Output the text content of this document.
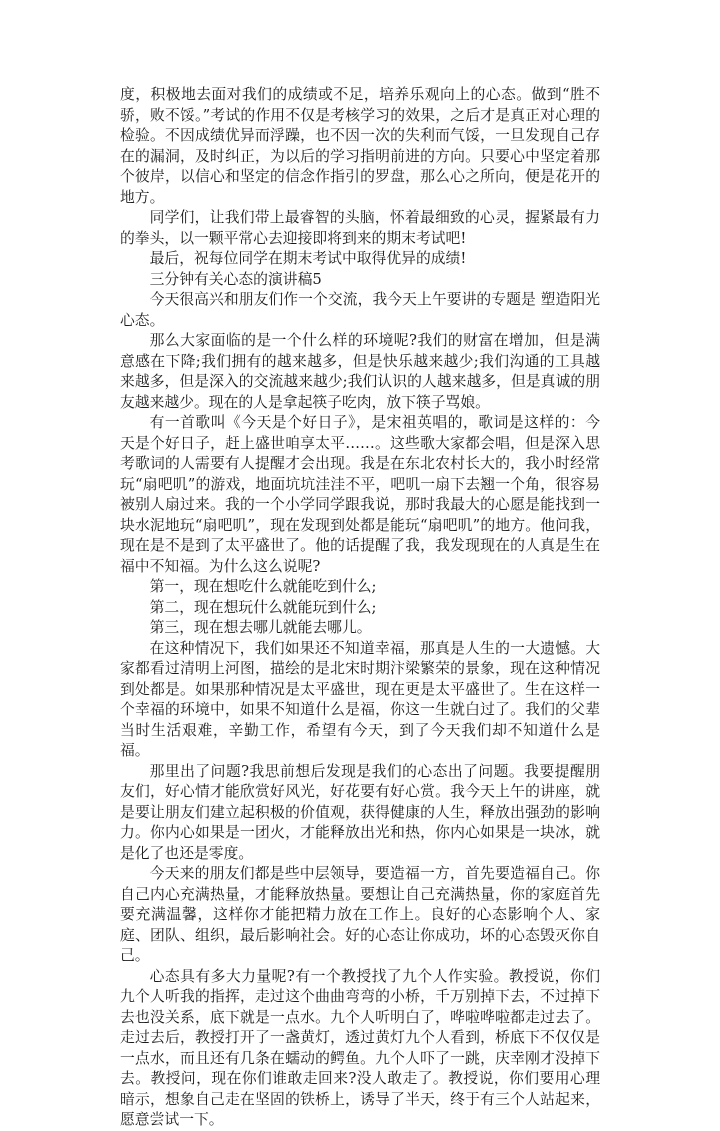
度，积极地去面对我们的成绩或不足，培养乐观向上的心态。做到“胜不骄，败不馁。”考试的作用不仅是考核学习的效果，之后才是真正对心理的检验。不因成绩优异而浮躁，也不因一次的失利而气馁，一旦发现自己存在的漏洞，及时纠正，为以后的学习指明前进的方向。只要心中坚定着那个彼岸，以信心和坚定的信念作指引的罗盘，那么心之所向，便是花开的地方。

同学们，让我们带上最睿智的头脑，怀着最细致的心灵，握紧最有力的拳头，以一颗平常心去迎接即将到来的期末考试吧!

最后，祝每位同学在期末考试中取得优异的成绩!

三分钟有关心态的演讲稿5

今天很高兴和朋友们作一个交流，我今天上午要讲的专题是 塑造阳光心态。

那么大家面临的是一个什么样的环境呢?我们的财富在增加，但是满意感在下降;我们拥有的越来越多，但是快乐越来越少;我们沟通的工具越来越多，但是深入的交流越来越少;我们认识的人越来越多，但是真诚的朋友越来越少。现在的人是拿起筷子吃肉，放下筷子骂娘。

有一首歌叫《今天是个好日子》，是宋祖英唱的，歌词是这样的：今天是个好日子，赶上盛世咱享太平……。这些歌大家都会唱，但是深入思考歌词的人需要有人提醒才会出现。我是在东北农村长大的，我小时经常玩“扇吧叽”的游戏，地面坑坑洼洼不平，吧叽一扇下去翘一个角，很容易被别人扇过来。我的一个小学同学跟我说，那时我最大的心愿是能找到一块水泥地玩“扇吧叽”，现在发现到处都是能玩“扇吧叽”的地方。他问我，现在是不是到了太平盛世了。他的话提醒了我，我发现现在的人真是生在福中不知福。为什么这么说呢?

第一，现在想吃什么就能吃到什么;

第二，现在想玩什么就能玩到什么;

第三，现在想去哪儿就能去哪儿。

在这种情况下，我们如果还不知道幸福，那真是人生的一大遗憾。大家都看过清明上河图，描绘的是北宋时期汴梁繁荣的景象，现在这种情况到处都是。如果那种情况是太平盛世，现在更是太平盛世了。生在这样一个幸福的环境中，如果不知道什么是福，你这一生就白过了。我们的父辈当时生活艰难，辛勤工作，希望有今天，到了今天我们却不知道什么是福。

那里出了问题?我思前想后发现是我们的心态出了问题。我要提醒朋友们，好心情才能欣赏好风光，好花要有好心赏。我今天上午的讲座，就是要让朋友们建立起积极的价值观，获得健康的人生，释放出强劲的影响力。你内心如果是一团火，才能释放出光和热，你内心如果是一块冰，就是化了也还是零度。

今天来的朋友们都是些中层领导，要造福一方，首先要造福自己。你自己内心充满热量，才能释放热量。要想让自己充满热量，你的家庭首先要充满温馨，这样你才能把精力放在工作上。良好的心态影响个人、家庭、团队、组织，最后影响社会。好的心态让你成功，坏的心态毁灭你自己。

心态具有多大力量呢?有一个教授找了九个人作实验。教授说，你们九个人听我的指挥，走过这个曲曲弯弯的小桥，千万别掉下去，不过掉下去也没关系，底下就是一点水。九个人听明白了，哗啦哗啦都走过去了。走过去后，教授打开了一盏黄灯，透过黄灯九个人看到，桥底下不仅仅是一点水，而且还有几条在蠕动的鳄鱼。九个人吓了一跳，庆幸刚才没掉下去。教授问，现在你们谁敢走回来?没人敢走了。教授说，你们要用心理暗示，想象自己走在坚固的铁桥上，诱导了半天，终于有三个人站起来，愿意尝试一下。
